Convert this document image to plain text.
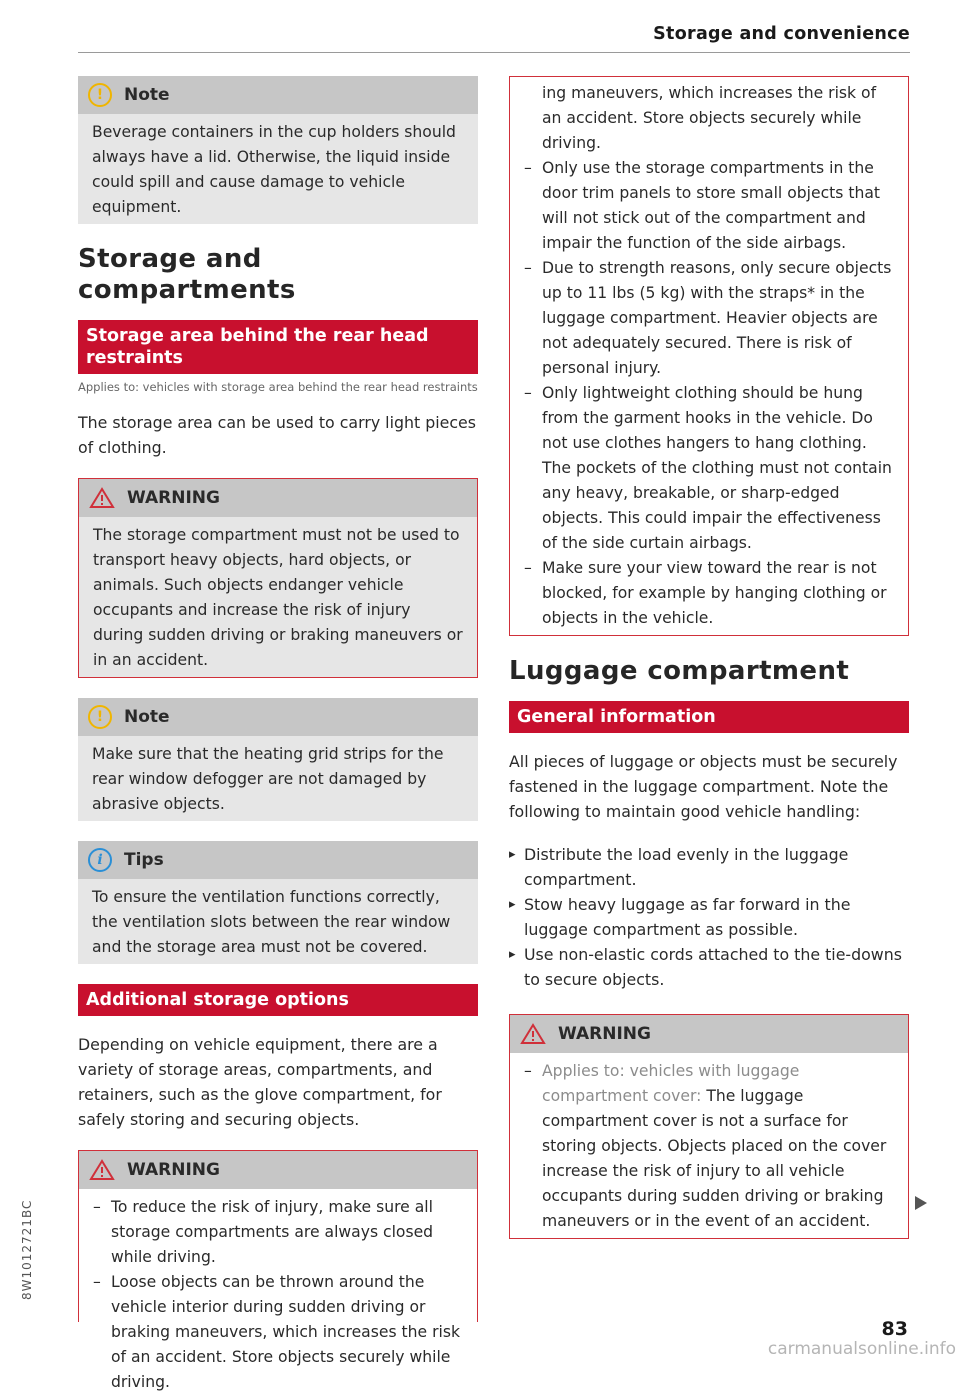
Storage and convenience
!	Note

Beverage containers in the cup holders should always have a lid. Otherwise, the liquid inside could spill and cause damage to vehicle equipment.

Storage and compartments
Storage area behind the rear head restraints
Applies to: vehicles with storage area behind the rear head restraints

The storage area can be used to carry light pieces of clothing.

WARNING

The storage compartment must not be used to transport heavy objects, hard objects, or animals. Such objects endanger vehicle occupants and increase the risk of injury during sudden driving or braking maneuvers or in an accident.

!	Note

Make sure that the heating grid strips for the rear window defogger are not damaged by abrasive objects.

i	Tips

To ensure the ventilation functions correctly, the ventilation slots between the rear window and the storage area must not be covered.

Additional storage options

Depending on vehicle equipment, there are a variety of storage areas, compartments, and retainers, such as the glove compartment, for safely storing and securing objects.

WARNING
– To reduce the risk of injury, make sure all storage compartments are always closed while driving.
– Loose objects can be thrown around the vehicle interior during sudden driving or braking maneuvers, which increases the risk of an accident. Store objects securely while driving.

ing maneuvers, which increases the risk of an accident. Store objects securely while driving.

– Only use the storage compartments in the door trim panels to store small objects that will not stick out of the compartment and impair the function of the side airbags.
– Due to strength reasons, only secure objects up to 11 lbs (5 kg) with the straps* in the luggage compartment. Heavier objects are not adequately secured. There is risk of personal injury.
– Only lightweight clothing should be hung from the garment hooks in the vehicle. Do not use clothes hangers to hang clothing. The pockets of the clothing must not contain any heavy, breakable, or sharp-edged objects. This could impair the effectiveness of the side curtain airbags.
– Make sure your view toward the rear is not blocked, for example by hanging clothing or objects in the vehicle.
Luggage compartment
General information

All pieces of luggage or objects must be securely fastened in the luggage compartment. Note the following to maintain good vehicle handling:

▸ Distribute the load evenly in the luggage compartment.
▸ Stow heavy luggage as far forward in the luggage compartment as possible.
▸ Use non-elastic cords attached to the tie-downs to secure objects.
WARNING
– Applies to: vehicles with luggage compartment cover: The luggage compartment cover is not a surface for storing objects. Objects placed on the cover increase the risk of injury to all vehicle occupants during sudden driving or braking maneuvers or in the event of an accident.
8W1012721BC
83
carmanualsonline.info
